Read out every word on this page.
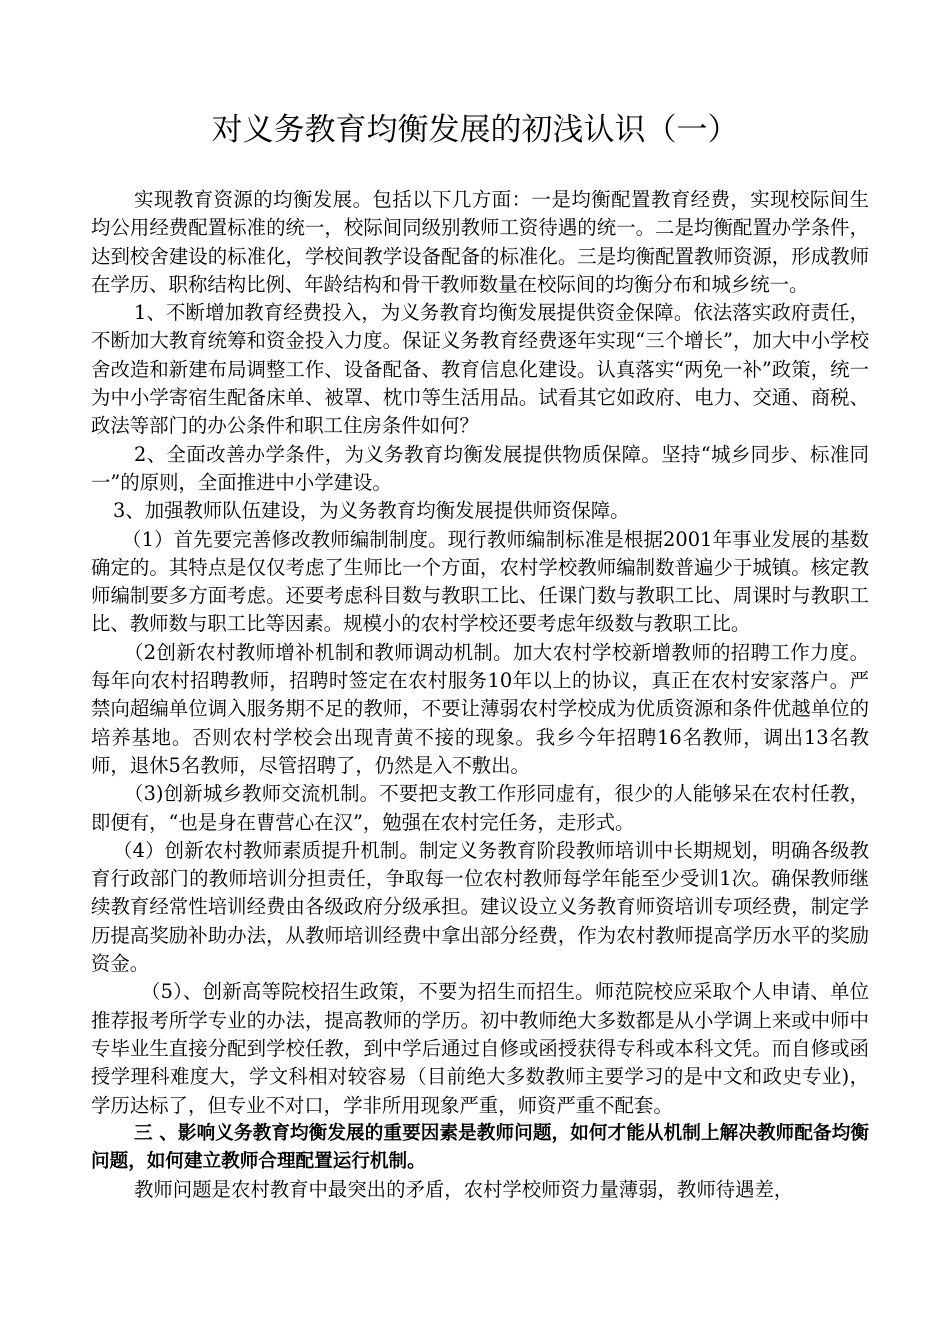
对义务教育均衡发展的初浅认识（一）

实现教育资源的均衡发展。包括以下几方面：一是均衡配置教育经费，实现校际间生均公用经费配置标准的统一，校际间同级别教师工资待遇的统一。二是均衡配置办学条件，达到校舍建设的标准化，学校间教学设备配备的标准化。三是均衡配置教师资源，形成教师在学历、职称结构比例、年龄结构和骨干教师数量在校际间的均衡分布和城乡统一。

1、不断增加教育经费投入，为义务教育均衡发展提供资金保障。依法落实政府责任，不断加大教育统筹和资金投入力度。保证义务教育经费逐年实现“三个增长”，加大中小学校舍改造和新建布局调整工作、设备配备、教育信息化建设。认真落实“两免一补”政策，统一为中小学寄宿生配备床单、被罩、枕巾等生活用品。试看其它如政府、电力、交通、商税、政法等部门的办公条件和职工住房条件如何？

2、全面改善办学条件，为义务教育均衡发展提供物质保障。坚持“城乡同步、标准同一”的原则，全面推进中小学建设。

3、加强教师队伍建设，为义务教育均衡发展提供师资保障。

（1）首先要完善修改教师编制制度。现行教师编制标准是根据2001年事业发展的基数确定的。其特点是仅仅考虑了生师比一个方面，农村学校教师编制数普遍少于城镇。核定教师编制要多方面考虑。还要考虑科目数与教职工比、任课门数与教职工比、周课时与教职工比、教师数与职工比等因素。规模小的农村学校还要考虑年级数与教职工比。

（2创新农村教师增补机制和教师调动机制。加大农村学校新增教师的招聘工作力度。每年向农村招聘教师，招聘时签定在农村服务10年以上的协议，真正在农村安家落户。严禁向超编单位调入服务期不足的教师，不要让薄弱农村学校成为优质资源和条件优越单位的培养基地。否则农村学校会出现青黄不接的现象。我乡今年招聘16名教师，调出13名教师，退休5名教师，尽管招聘了，仍然是入不敷出。

（3)创新城乡教师交流机制。不要把支教工作形同虚有，很少的人能够呆在农村任教，即便有，“也是身在曹营心在汉”，勉强在农村完任务，走形式。

（4）创新农村教师素质提升机制。制定义务教育阶段教师培训中长期规划，明确各级教育行政部门的教师培训分担责任，争取每一位农村教师每学年能至少受训1次。确保教师继续教育经常性培训经费由各级政府分级承担。建议设立义务教育师资培训专项经费，制定学历提高奖励补助办法，从教师培训经费中拿出部分经费，作为农村教师提高学历水平的奖励资金。

（5）、创新高等院校招生政策，不要为招生而招生。师范院校应采取个人申请、单位推荐报考所学专业的办法，提高教师的学历。初中教师绝大多数都是从小学调上来或中师中专毕业生直接分配到学校任教，到中学后通过自修或函授获得专科或本科文凭。而自修或函授学理科难度大，学文科相对较容易（目前绝大多数教师主要学习的是中文和政史专业)，学历达标了，但专业不对口，学非所用现象严重，师资严重不配套。

三 、影响义务教育均衡发展的重要因素是教师问题，如何才能从机制上解决教师配备均衡问题，如何建立教师合理配置运行机制。

教师问题是农村教育中最突出的矛盾，农村学校师资力量薄弱，教师待遇差，
